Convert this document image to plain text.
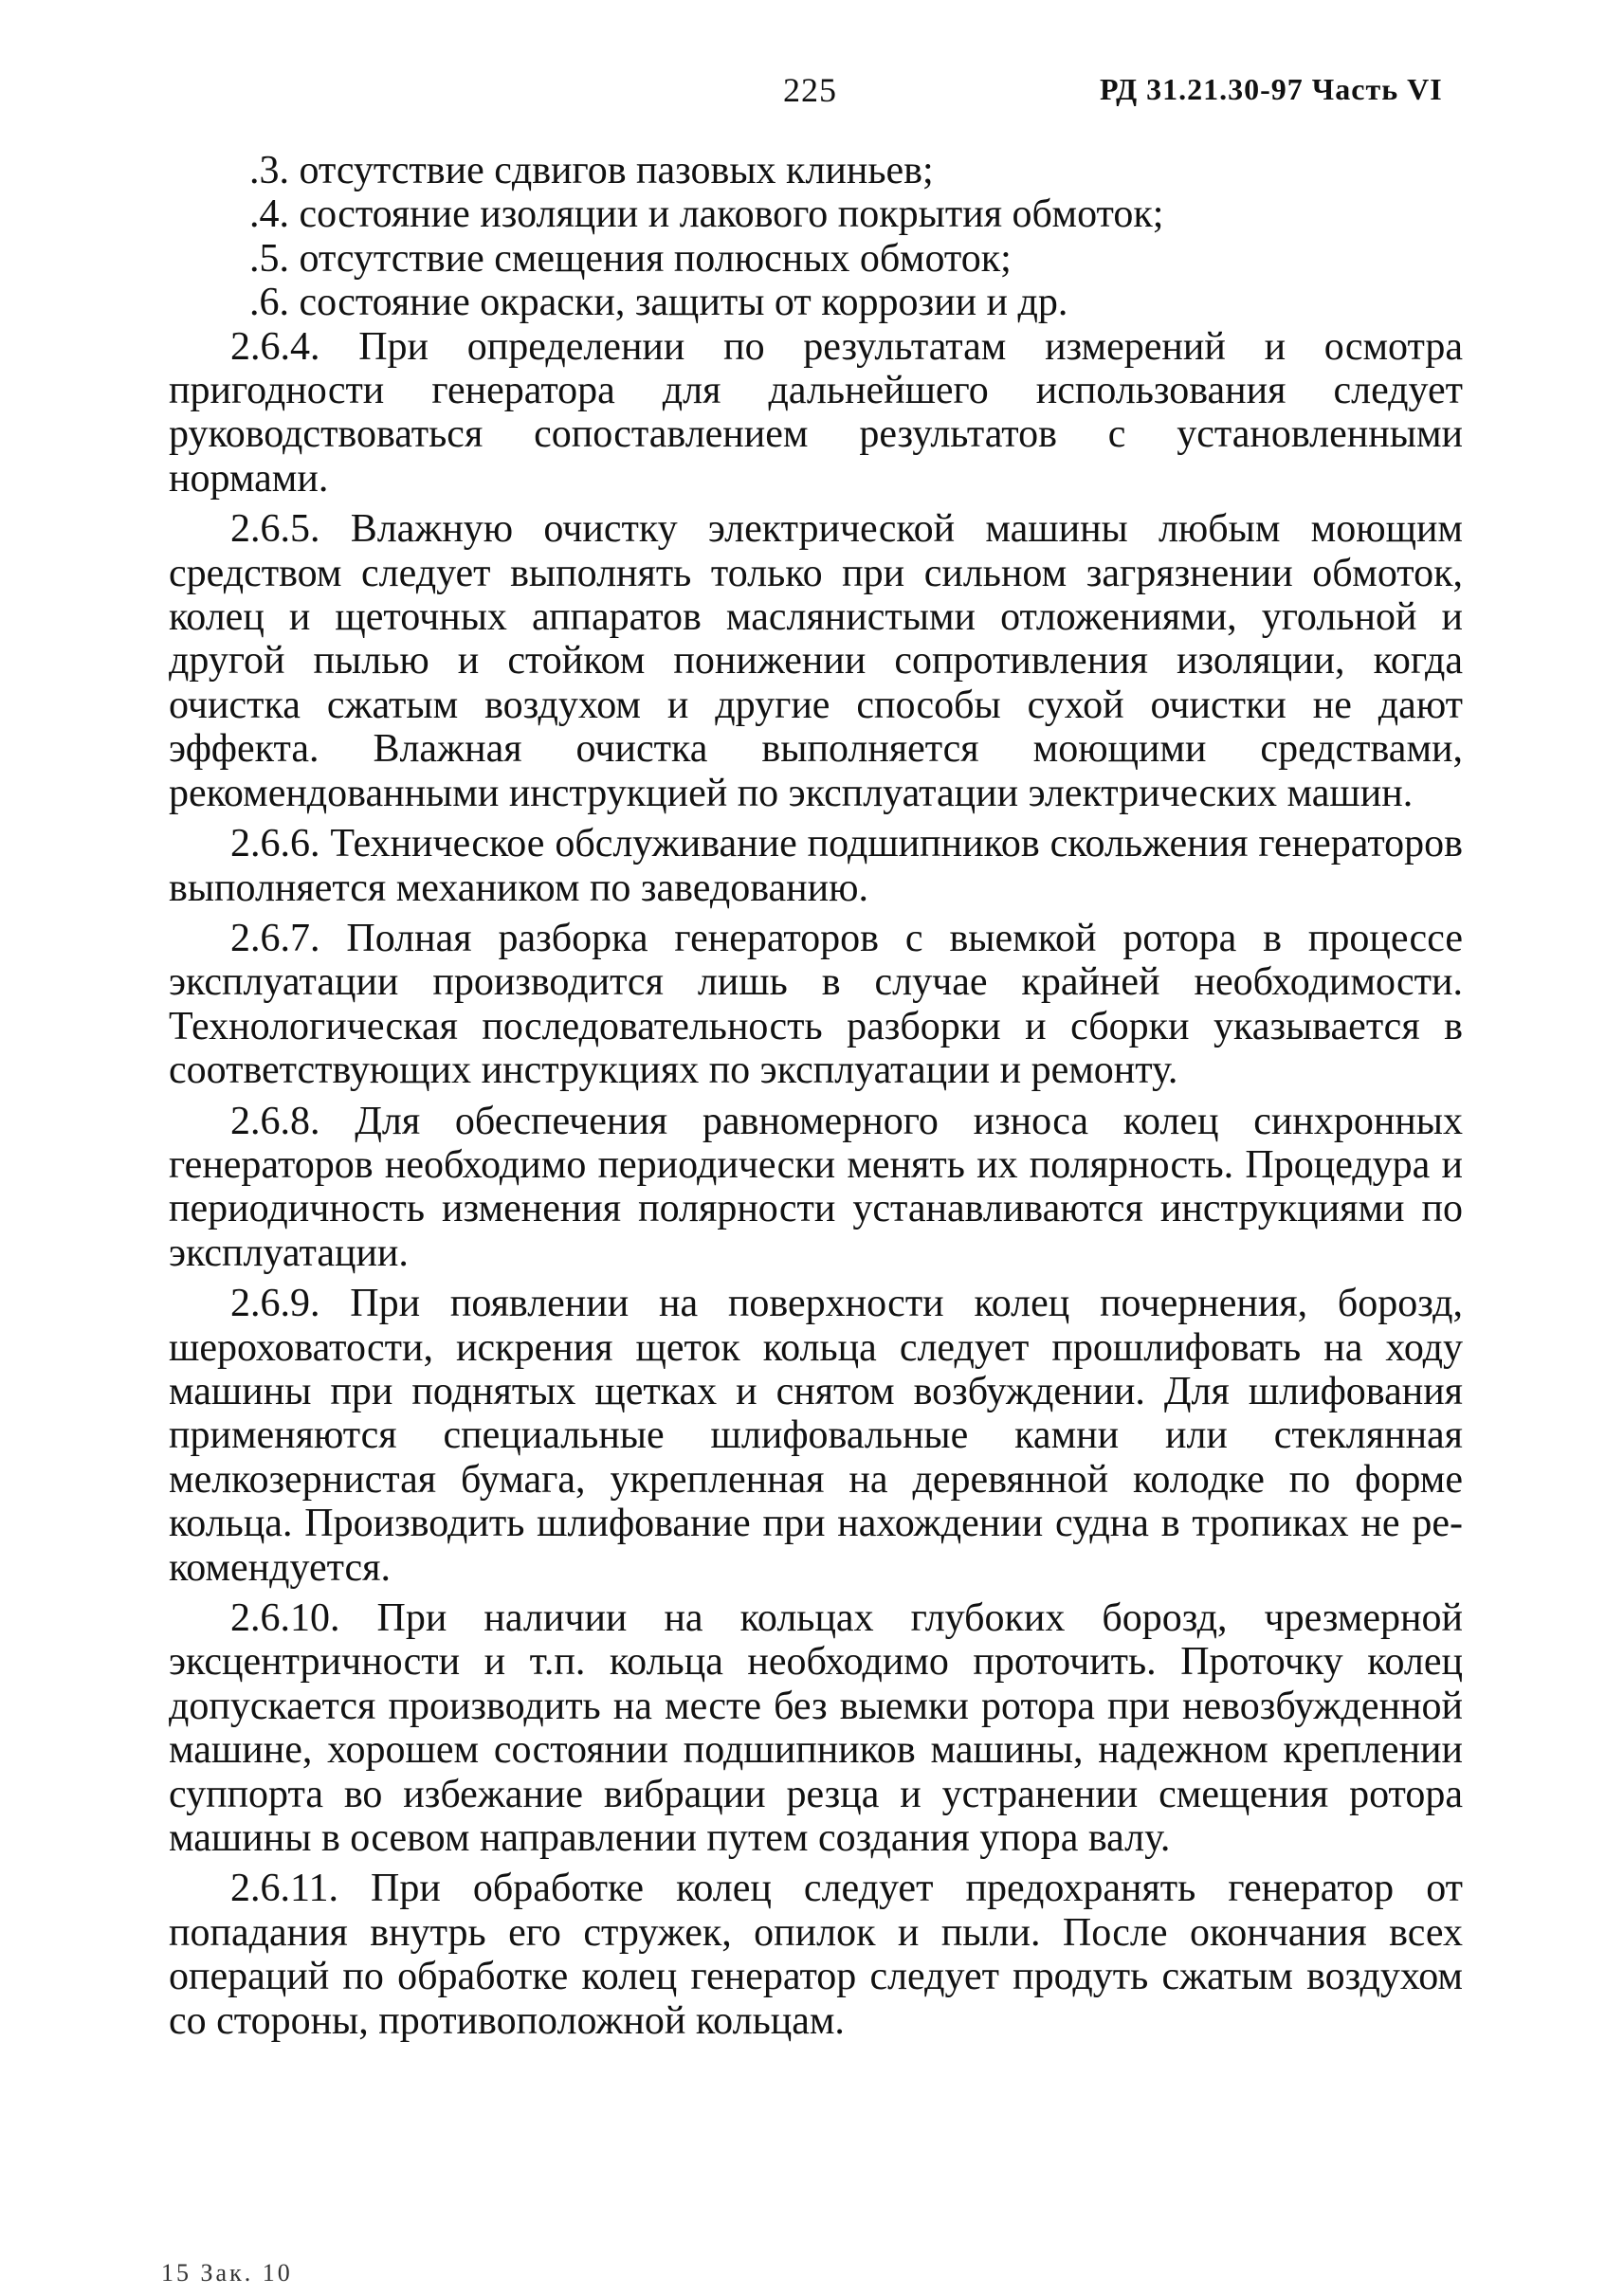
225	РД 31.21.30-97 Часть VI

.3. отсутствие сдвигов пазовых клиньев;

.4. состояние изоляции и лакового покрытия обмоток;

.5. отсутствие смещения полюсных обмоток;

.6. состояние окраски, защиты от коррозии и др.

2.6.4. При определении по результатам измерений и осмотра пригодности генератора для дальнейшего использования следует руководствоваться сопоставлением результатов с установленными нормами.

2.6.5. Влажную очистку электрической машины любым моющим средством следует выполнять только при сильном загрязнении обмоток, колец и щеточных аппаратов маслянистыми отложениями, угольной и другой пылью и стойком понижении сопротивления изоляции, когда очистка сжатым воздухом и другие способы сухой очистки не дают эффекта. Влажная очистка выполняется моющими средствами, рекомендованными инструкцией по эксплуатации электрических машин.

2.6.6. Техническое обслуживание подшипников скольжения генераторов выполняется механиком по заведованию.

2.6.7. Полная разборка генераторов с выемкой ротора в процессе эксплуатации производится лишь в случае крайней необходимости. Технологическая последовательность разборки и сборки указывается в соответствующих инструкциях по эксплуатации и ремонту.

2.6.8. Для обеспечения равномерного износа колец синхронных генераторов необходимо периодически менять их полярность. Процедура и периодичность изменения полярности устанавливаются инструкциями по эксплуатации.

2.6.9. При появлении на поверхности колец почернения, борозд, шероховатости, искрения щеток кольца следует прошлифовать на ходу машины при поднятых щетках и снятом возбуждении. Для шлифования применяются специальные шлифовальные камни или стеклянная мелкозернистая бумага, укрепленная на деревянной колодке по форме кольца. Производить шлифование при нахождении судна в тропиках не рекомендуется.

2.6.10. При наличии на кольцах глубоких борозд, чрезмерной эксцентричности и т.п. кольца необходимо проточить. Проточку колец допускается производить на месте без выемки ротора при невозбужденной машине, хорошем состоянии подшипников машины, надежном креплении суппорта во избежание вибрации резца и устранении смещения ротора машины в осевом направлении путем создания упора валу.

2.6.11. При обработке колец следует предохранять генератор от попадания внутрь его стружек, опилок и пыли. После окончания всех операций по обработке колец генератор следует продуть сжатым воздухом со стороны, противоположной кольцам.

15 Зак. 10
